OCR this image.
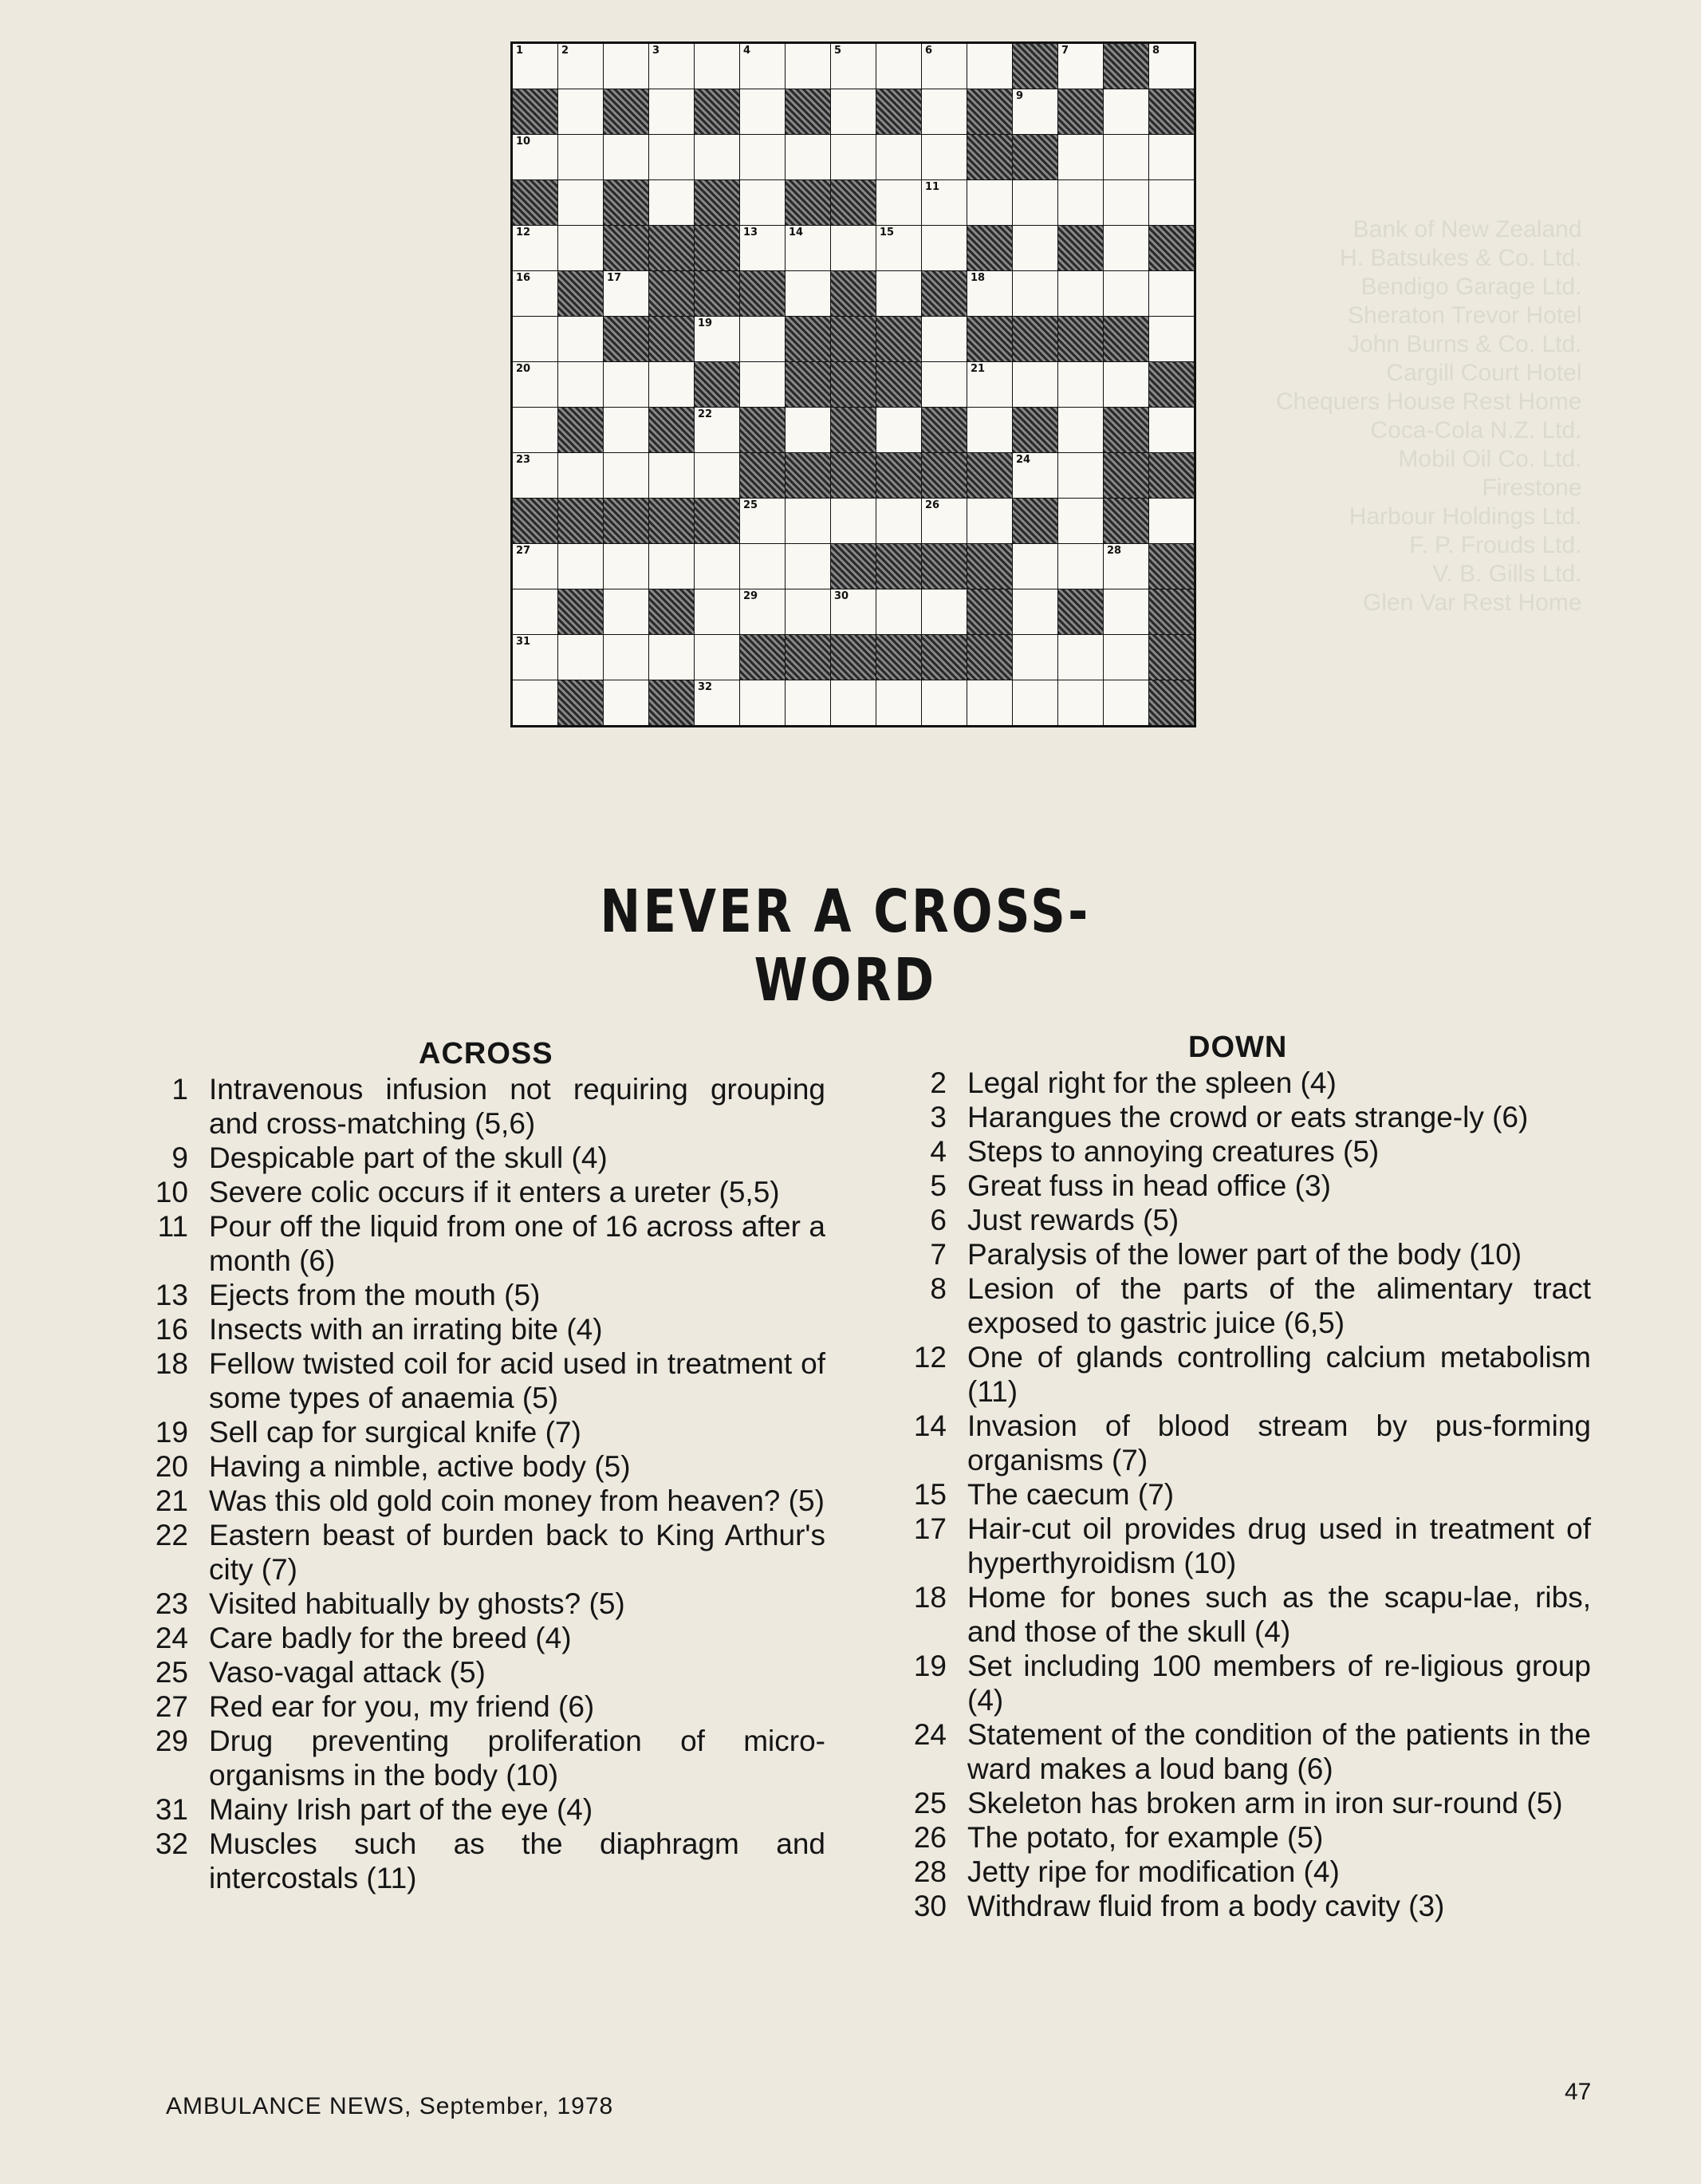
Bank of New Zealand
H. Batsukes & Co. Ltd.
Bendigo Garage Ltd.
Sheraton Trevor Hotel
John Burns & Co. Ltd.
Cargill Court Hotel
Chequers House Rest Home
Coca-Cola N.Z. Ltd.
Mobil Oil Co. Ltd.
Firestone
Harbour Holdings Ltd.
F. P. Frouds Ltd.
V. B. Gills Ltd.
Glen Var Rest Home
1	2	3	4	5	6	7	8
9
10
11
12	13	14	15
16	17	18
19
20	21
22
23	24
25	26
27	28
29	30
31
32
NEVER A CROSS-WORD
ACROSS	DOWN
1 Intravenous infusion not requiring grouping and cross-matching (5,6)
9 Despicable part of the skull (4)
10 Severe colic occurs if it enters a ureter (5,5)
11 Pour off the liquid from one of 16 across after a month (6)
13 Ejects from the mouth (5)
16 Insects with an irrating bite (4)
18 Fellow twisted coil for acid used in treatment of some types of anaemia (5)
19 Sell cap for surgical knife (7)
20 Having a nimble, active body (5)
21 Was this old gold coin money from heaven? (5)
22 Eastern beast of burden back to King Arthur's city (7)
23 Visited habitually by ghosts? (5)
24 Care badly for the breed (4)
25 Vaso-vagal attack (5)
27 Red ear for you, my friend (6)
29 Drug preventing proliferation of micro-organisms in the body (10)
31 Mainy Irish part of the eye (4)
32 Muscles such as the diaphragm and intercostals (11)
2 Legal right for the spleen (4)
3 Harangues the crowd or eats strange-ly (6)
4 Steps to annoying creatures (5)
5 Great fuss in head office (3)
6 Just rewards (5)
7 Paralysis of the lower part of the body (10)
8 Lesion of the parts of the alimentary tract exposed to gastric juice (6,5)
12 One of glands controlling calcium metabolism (11)
14 Invasion of blood stream by pus-forming organisms (7)
15 The caecum (7)
17 Hair-cut oil provides drug used in treatment of hyperthyroidism (10)
18 Home for bones such as the scapu-lae, ribs, and those of the skull (4)
19 Set including 100 members of re-ligious group (4)
24 Statement of the condition of the patients in the ward makes a loud bang (6)
25 Skeleton has broken arm in iron sur-round (5)
26 The potato, for example (5)
28 Jetty ripe for modification (4)
30 Withdraw fluid from a body cavity (3)
AMBULANCE NEWS, September, 1978
47
